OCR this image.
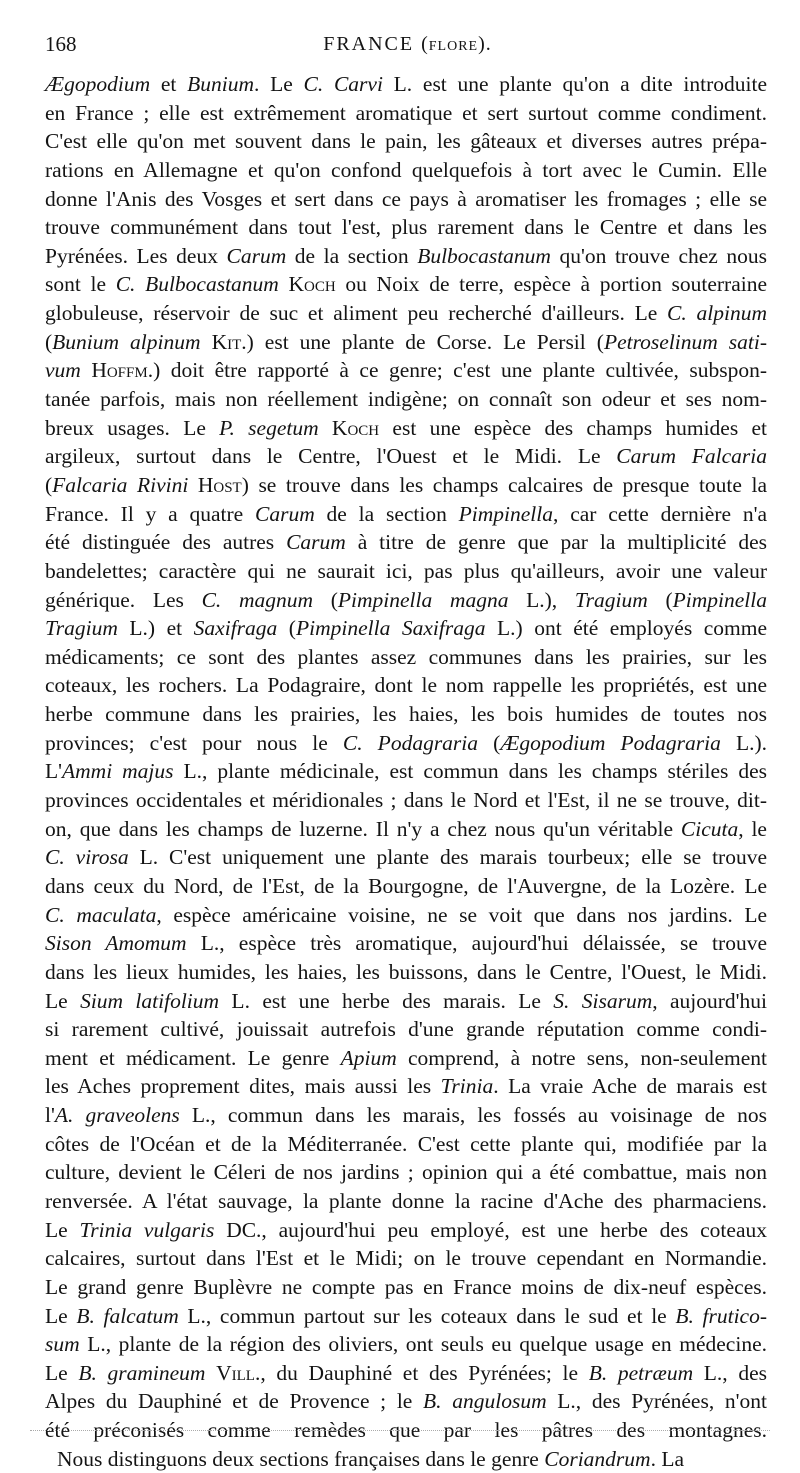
168	FRANCE (flore).
Ægopodium et Bunium. Le C. Carvi L. est une plante qu'on a dite introduite
en France ; elle est extrêmement aromatique et sert surtout comme condiment.
C'est elle qu'on met souvent dans le pain, les gâteaux et diverses autres prépa-
rations en Allemagne et qu'on confond quelquefois à tort avec le Cumin. Elle
donne l'Anis des Vosges et sert dans ce pays à aromatiser les fromages ; elle se
trouve communément dans tout l'est, plus rarement dans le Centre et dans les
Pyrénées. Les deux Carum de la section Bulbocastanum qu'on trouve chez nous
sont le C. Bulbocastanum Koch ou Noix de terre, espèce à portion souterraine
globuleuse, réservoir de suc et aliment peu recherché d'ailleurs. Le C. alpinum
(Bunium alpinum Kit.) est une plante de Corse. Le Persil (Petroselinum sati-
vum Hoffm.) doit être rapporté à ce genre; c'est une plante cultivée, subspon-
tanée parfois, mais non réellement indigène; on connaît son odeur et ses nom-
breux usages. Le P. segetum Koch est une espèce des champs humides et
argileux, surtout dans le Centre, l'Ouest et le Midi. Le Carum Falcaria
(Falcaria Rivini Host) se trouve dans les champs calcaires de presque toute la
France. Il y a quatre Carum de la section Pimpinella, car cette dernière n'a
été distinguée des autres Carum à titre de genre que par la multiplicité des
bandelettes; caractère qui ne saurait ici, pas plus qu'ailleurs, avoir une valeur
générique. Les C. magnum (Pimpinella magna L.), Tragium (Pimpinella
Tragium L.) et Saxifraga (Pimpinella Saxifraga L.) ont été employés comme
médicaments; ce sont des plantes assez communes dans les prairies, sur les
coteaux, les rochers. La Podagraire, dont le nom rappelle les propriétés, est une
herbe commune dans les prairies, les haies, les bois humides de toutes nos
provinces; c'est pour nous le C. Podagraria (Ægopodium Podagraria L.).
L'Ammi majus L., plante médicinale, est commun dans les champs stériles des
provinces occidentales et méridionales ; dans le Nord et l'Est, il ne se trouve, dit-
on, que dans les champs de luzerne. Il n'y a chez nous qu'un véritable Cicuta, le
C. virosa L. C'est uniquement une plante des marais tourbeux; elle se trouve
dans ceux du Nord, de l'Est, de la Bourgogne, de l'Auvergne, de la Lozère. Le
C. maculata, espèce américaine voisine, ne se voit que dans nos jardins. Le
Sison Amomum L., espèce très aromatique, aujourd'hui délaissée, se trouve
dans les lieux humides, les haies, les buissons, dans le Centre, l'Ouest, le Midi.
Le Sium latifolium L. est une herbe des marais. Le S. Sisarum, aujourd'hui
si rarement cultivé, jouissait autrefois d'une grande réputation comme condi-
ment et médicament. Le genre Apium comprend, à notre sens, non-seulement
les Aches proprement dites, mais aussi les Trinia. La vraie Ache de marais est
l'A. graveolens L., commun dans les marais, les fossés au voisinage de nos
côtes de l'Océan et de la Méditerranée. C'est cette plante qui, modifiée par la
culture, devient le Céleri de nos jardins ; opinion qui a été combattue, mais non
renversée. A l'état sauvage, la plante donne la racine d'Ache des pharmaciens.
Le Trinia vulgaris DC., aujourd'hui peu employé, est une herbe des coteaux
calcaires, surtout dans l'Est et le Midi; on le trouve cependant en Normandie.
Le grand genre Buplèvre ne compte pas en France moins de dix-neuf espèces.
Le B. falcatum L., commun partout sur les coteaux dans le sud et le B. frutico-
sum L., plante de la région des oliviers, ont seuls eu quelque usage en médecine.
Le B. gramineum Vill., du Dauphiné et des Pyrénées; le B. petræum L., des
Alpes du Dauphiné et de Provence ; le B. angulosum L., des Pyrénées, n'ont
été préconisés comme remèdes que par les pâtres des montagnes.
Nous distinguons deux sections françaises dans le genre Coriandrum. La
